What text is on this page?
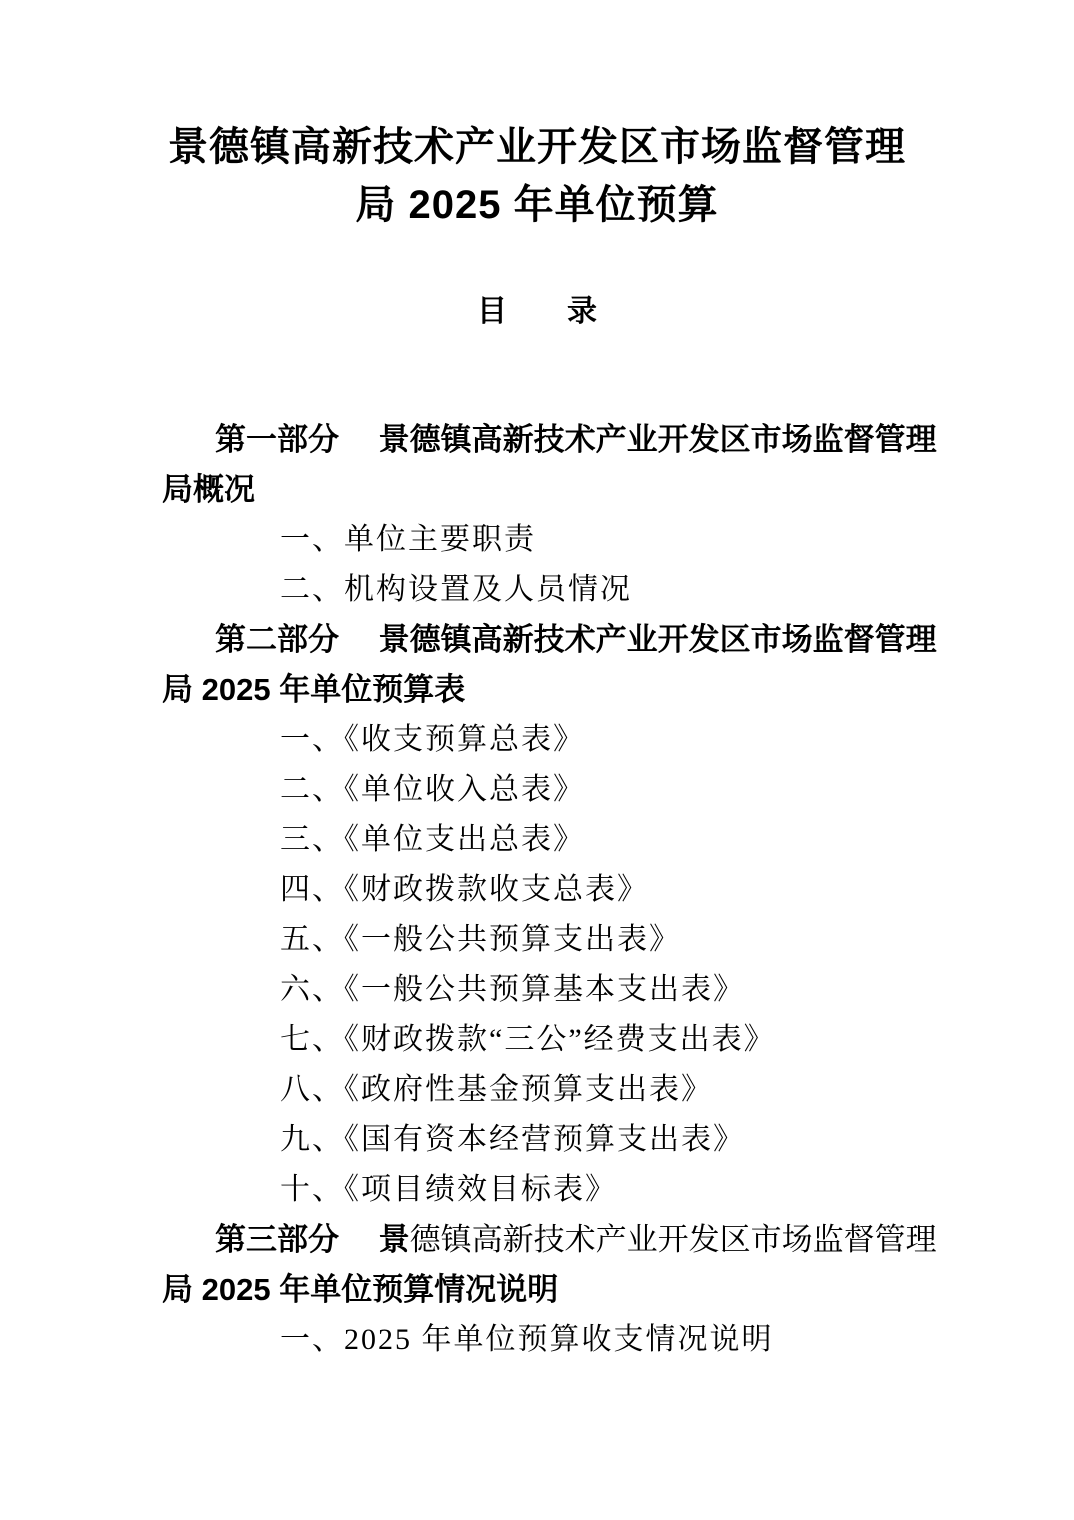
景德镇高新技术产业开发区市场监督管理
局 2025 年单位预算
目　　录
第一部分　 景德镇高新技术产业开发区市场监督管理
局概况
一、单位主要职责
二、机构设置及人员情况
第二部分　 景德镇高新技术产业开发区市场监督管理
局 2025 年单位预算表
一、《收支预算总表》
二、《单位收入总表》
三、《单位支出总表》
四、《财政拨款收支总表》
五、《一般公共预算支出表》
六、《一般公共预算基本支出表》
七、《财政拨款“三公”经费支出表》
八、《政府性基金预算支出表》
九、《国有资本经营预算支出表》
十、《项目绩效目标表》
第三部分　 景德镇高新技术产业开发区市场监督管理
局 2025 年单位预算情况说明
一、2025 年单位预算收支情况说明
